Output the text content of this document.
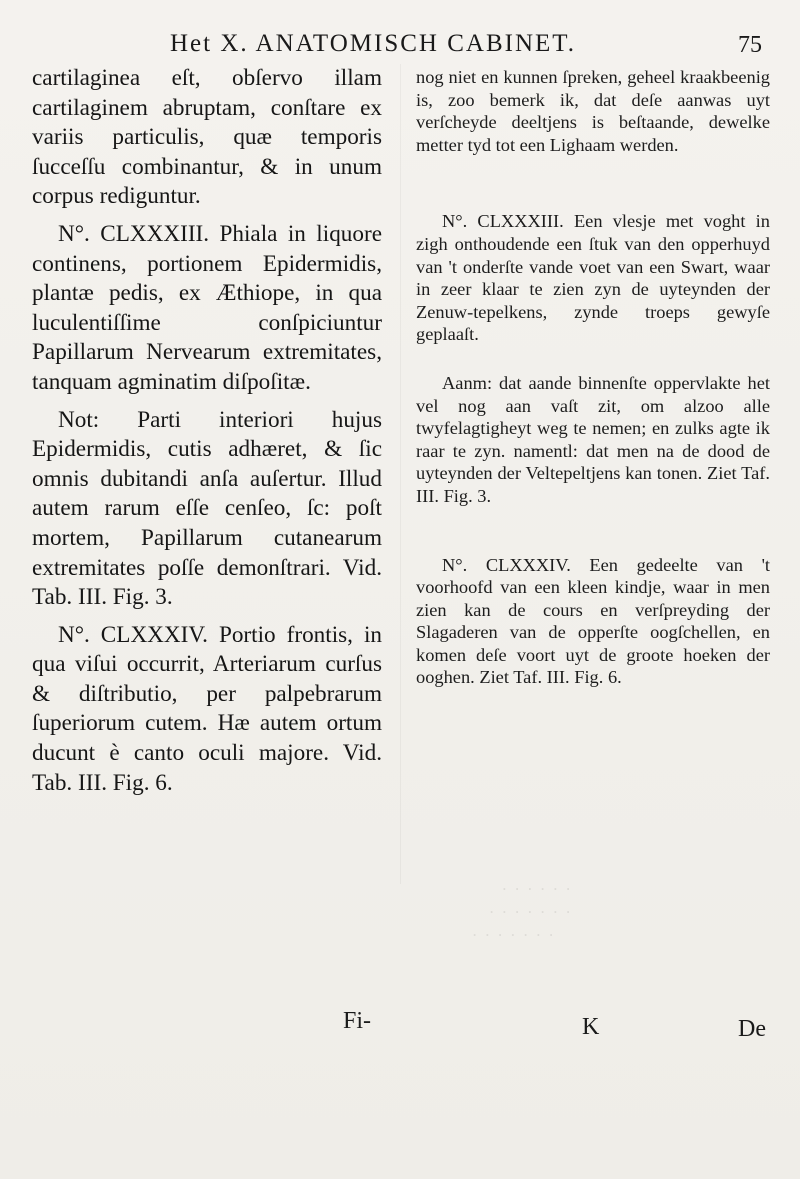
.  .  .  .  .  .
.  .  .  .  .  .  .
.  .  .  .  .  .  .

Het X. ANATOMISCH CABINET.	75

cartilaginea eſt, obſervo illam cartilaginem abruptam, conſtare ex variis particulis, quæ temporis ſucceſſu combinantur, & in unum corpus rediguntur.

N°. CLXXXIII. Phiala in liquore continens, portionem Epidermidis, plantæ pedis, ex Æthiope, in qua luculentiſſime conſpiciuntur Papillarum Nervearum extremitates, tanquam agminatim diſpoſitæ.

Not: Parti interiori hujus Epidermidis, cutis adhæret, & ſic omnis dubitandi anſa auſertur. Illud autem rarum eſſe cenſeo, ſc: poſt mortem, Papillarum cutanearum extremitates poſſe demonſtrari. Vid. Tab. III. Fig. 3.

N°. CLXXXIV. Portio frontis, in qua viſui occurrit, Arteriarum curſus & diſtributio, per palpebrarum ſuperiorum cutem. Hæ autem ortum ducunt è canto oculi majore. Vid. Tab. III. Fig. 6.

nog niet en kunnen ſpreken, geheel kraakbeenig is, zoo bemerk ik, dat deſe aanwas uyt verſcheyde deeltjens is beſtaande, dewelke metter tyd tot een Lighaam werden.

N°. CLXXXIII. Een vlesje met voght in zigh onthoudende een ſtuk van den opperhuyd van 't onderſte vande voet van een Swart, waar in zeer klaar te zien zyn de uyteynden der Zenuw-tepelkens, zynde troeps gewyſe geplaaſt.

Aanm: dat aande binnenſte oppervlakte het vel nog aan vaſt zit, om alzoo alle twyfelagtigheyt weg te nemen; en zulks agte ik raar te zyn. namentl: dat men na de dood de uyteynden der Veltepeltjens kan tonen. Ziet Taf. III. Fig. 3.

N°. CLXXXIV. Een gedeelte van 't voorhoofd van een kleen kindje, waar in men zien kan de cours en verſpreyding der Slagaderen van de opperſte oogſchellen, en komen deſe voort uyt de groote hoeken der ooghen. Ziet Taf. III. Fig. 6.

Fi-	K	De
